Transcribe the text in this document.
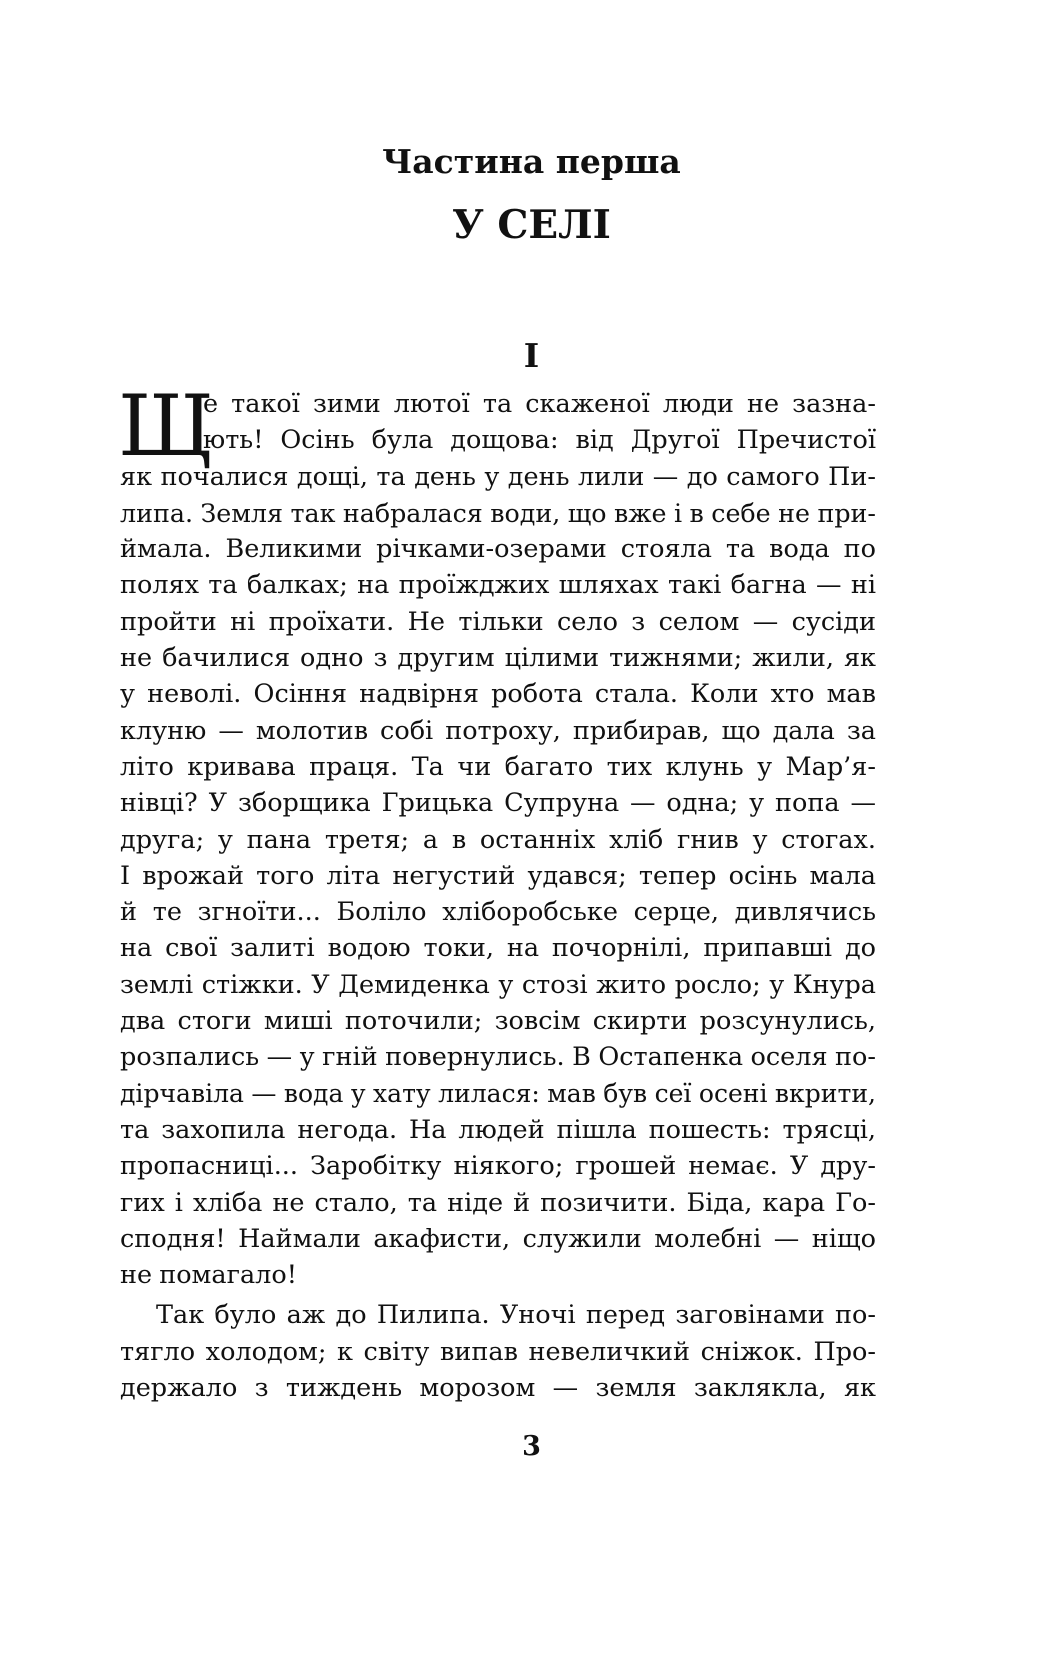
Частина перша
У СЕЛІ
І
Щ
е такої зими лютої та скаженої люди не зазна-
ють! Осінь була дощова: від Другої Пречистої
як почалися дощі, та день у день лили — до самого Пи-
липа. Земля так набралася води, що вже і в себе не при-
ймала. Великими річками-озерами стояла та вода по
полях та балках; на проїжджих шляхах такі багна — ні
пройти ні проїхати. Не тільки село з селом — сусіди
не бачилися одно з другим цілими тижнями; жили, як
у неволі. Осіння надвірня робота стала. Коли хто мав
клуню — молотив собі потроху, прибирав, що дала за
літо кривава праця. Та чи багато тих клунь у Мар’я-
нівці? У зборщика Грицька Супруна — одна; у попа —
друга; у пана третя; а в останніх хліб гнив у стогах.
І врожай того літа негустий удався; тепер осінь мала
й те згноїти... Боліло хліборобське серце, дивлячись
на свої залиті водою токи, на почорнілі, припавші до
землі стіжки. У Демиденка у стозі жито росло; у Кнура
два стоги миші поточили; зовсім скирти розсунулись,
розпались — у гній повернулись. В Остапенка оселя по-
дірчавіла — вода у хату лилася: мав був сеї осені вкрити,
та захопила негода. На людей пішла пошесть: трясці,
пропасниці... Заробітку ніякого; грошей немає. У дру-
гих і хліба не стало, та ніде й позичити. Біда, кара Го-
сподня! Наймали акафисти, служили молебні — ніщо
не помагало!
Так було аж до Пилипа. Уночі перед заговінами по-
тягло холодом; к світу випав невеличкий сніжок. Про-
держало з тиждень морозом — земля заклякла, як
3
